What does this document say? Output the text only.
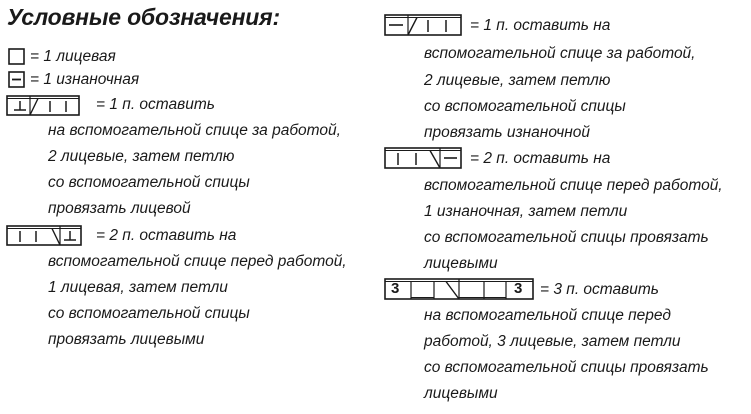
Условные обозначения:
= 1 лицевая
= 1 изнаночная
= 1 п. оставить
на вспомогательной спице за работой,
2 лицевые, затем петлю
со вспомогательной спицы
провязать лицевой
= 2 п. оставить на
вспомогательной спице перед работой,
1 лицевая, затем петли
со вспомогательной спицы
провязать лицевыми
= 1 п. оставить на
вспомогательной спице за работой,
2 лицевые, затем петлю
со вспомогательной спицы
провязать изнаночной
= 2 п. оставить на
вспомогательной спице перед работой,
1 изнаночная, затем петли
со вспомогательной спицы провязать
лицевыми
3	3 = 3 п. оставить
на вспомогательной спице перед
работой, 3 лицевые, затем петли
со вспомогательной спицы провязать
лицевыми
